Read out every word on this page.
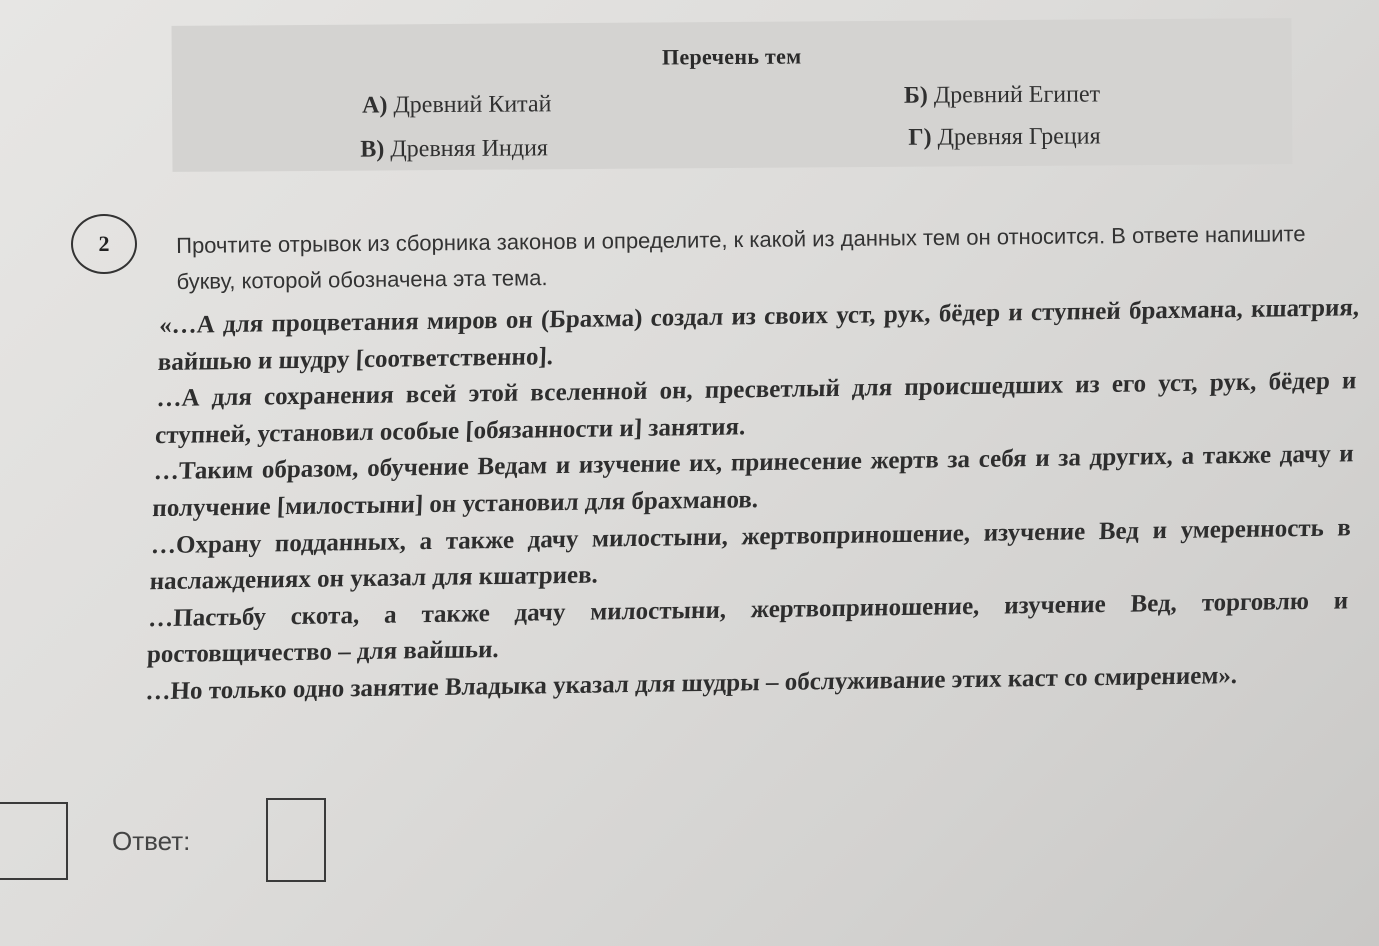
Перечень тем
А) Древний Китай	Б) Древний Египет
В) Древняя Индия	Г) Древняя Греция
2	Прочтите отрывок из сборника законов и определите, к какой из данных тем он относится. В ответе напишите букву, которой обозначена эта тема.

«…А для процветания миров он (Брахма) создал из своих уст, рук, бёдер и ступней брахмана, кшатрия, вайшью и шудру [соответственно].

…А для сохранения всей этой вселенной он, пресветлый для происшедших из его уст, рук, бёдер и ступней, установил особые [обязанности и] занятия.

…Таким образом, обучение Ведам и изучение их, принесение жертв за себя и за других, а также дачу и получение [милостыни] он установил для брахманов.

…Охрану подданных, а также дачу милостыни, жертвоприношение, изучение Вед и умеренность в наслаждениях он указал для кшатриев.

…Пастьбу скота, а также дачу милостыни, жертвоприношение, изучение Вед, торговлю и ростовщичество – для вайшьи.

…Но только одно занятие Владыка указал для шудры – обслуживание этих каст со смирением».

Ответ:
